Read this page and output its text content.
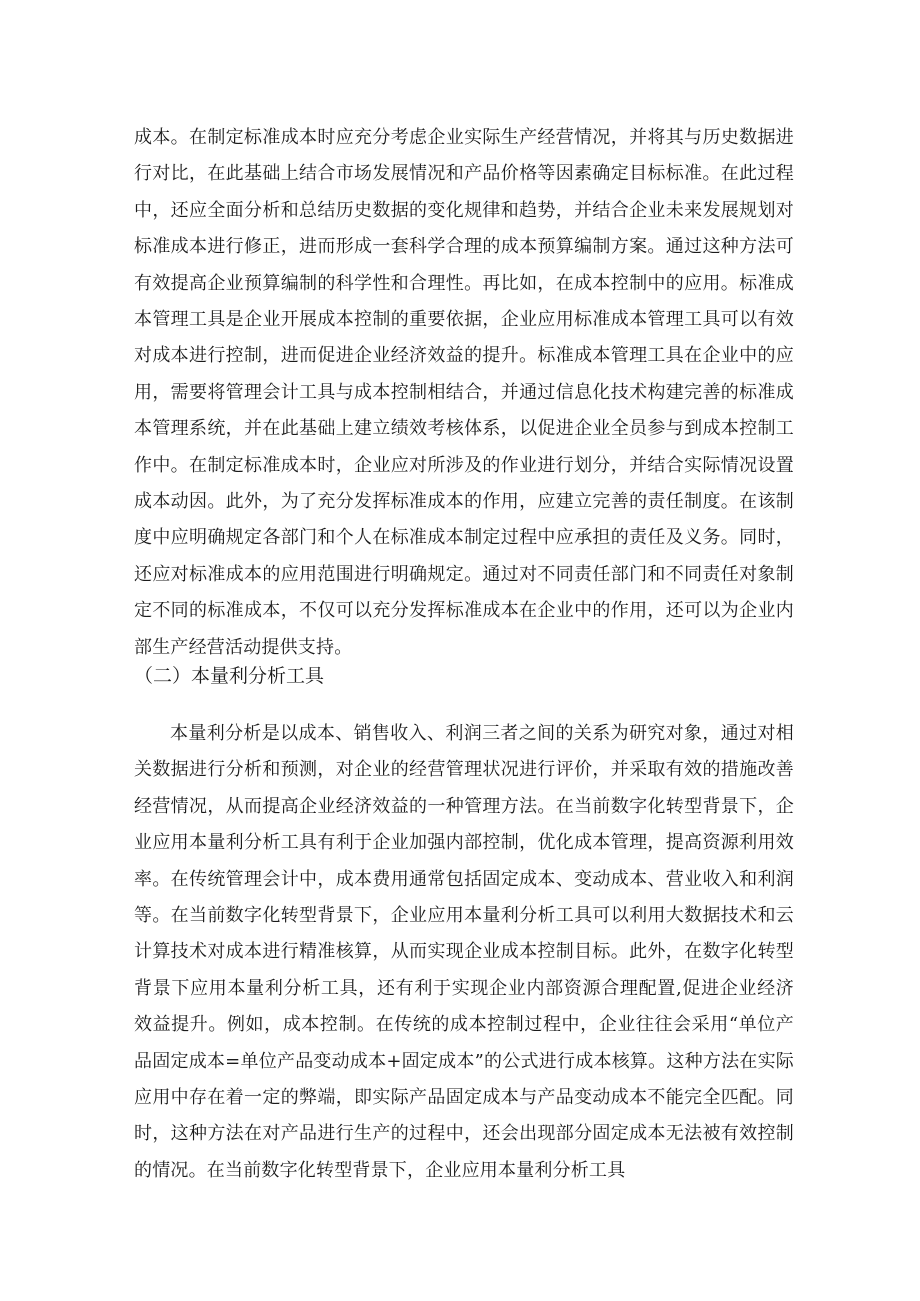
成本。在制定标准成本时应充分考虑企业实际生产经营情况，并将其与历史数据进行对比，在此基础上结合市场发展情况和产品价格等因素确定目标标准。在此过程中，还应全面分析和总结历史数据的变化规律和趋势，并结合企业未来发展规划对标准成本进行修正，进而形成一套科学合理的成本预算编制方案。通过这种方法可有效提高企业预算编制的科学性和合理性。再比如，在成本控制中的应用。标准成本管理工具是企业开展成本控制的重要依据，企业应用标准成本管理工具可以有效对成本进行控制，进而促进企业经济效益的提升。标准成本管理工具在企业中的应用，需要将管理会计工具与成本控制相结合，并通过信息化技术构建完善的标准成本管理系统，并在此基础上建立绩效考核体系，以促进企业全员参与到成本控制工作中。在制定标准成本时，企业应对所涉及的作业进行划分，并结合实际情况设置成本动因。此外，为了充分发挥标准成本的作用，应建立完善的责任制度。在该制度中应明确规定各部门和个人在标准成本制定过程中应承担的责任及义务。同时，还应对标准成本的应用范围进行明确规定。通过对不同责任部门和不同责任对象制定不同的标准成本，不仅可以充分发挥标准成本在企业中的作用，还可以为企业内部生产经营活动提供支持。

（二）本量利分析工具

本量利分析是以成本、销售收入、利润三者之间的关系为研究对象，通过对相关数据进行分析和预测，对企业的经营管理状况进行评价，并采取有效的措施改善经营情况，从而提高企业经济效益的一种管理方法。在当前数字化转型背景下，企业应用本量利分析工具有利于企业加强内部控制，优化成本管理，提高资源利用效率。在传统管理会计中，成本费用通常包括固定成本、变动成本、营业收入和利润等。在当前数字化转型背景下，企业应用本量利分析工具可以利用大数据技术和云计算技术对成本进行精准核算，从而实现企业成本控制目标。此外，在数字化转型背景下应用本量利分析工具，还有利于实现企业内部资源合理配置,促进企业经济效益提升。例如，成本控制。在传统的成本控制过程中，企业往往会采用“单位产品固定成本=单位产品变动成本+固定成本”的公式进行成本核算。这种方法在实际应用中存在着一定的弊端，即实际产品固定成本与产品变动成本不能完全匹配。同时，这种方法在对产品进行生产的过程中，还会出现部分固定成本无法被有效控制的情况。在当前数字化转型背景下，企业应用本量利分析工具
